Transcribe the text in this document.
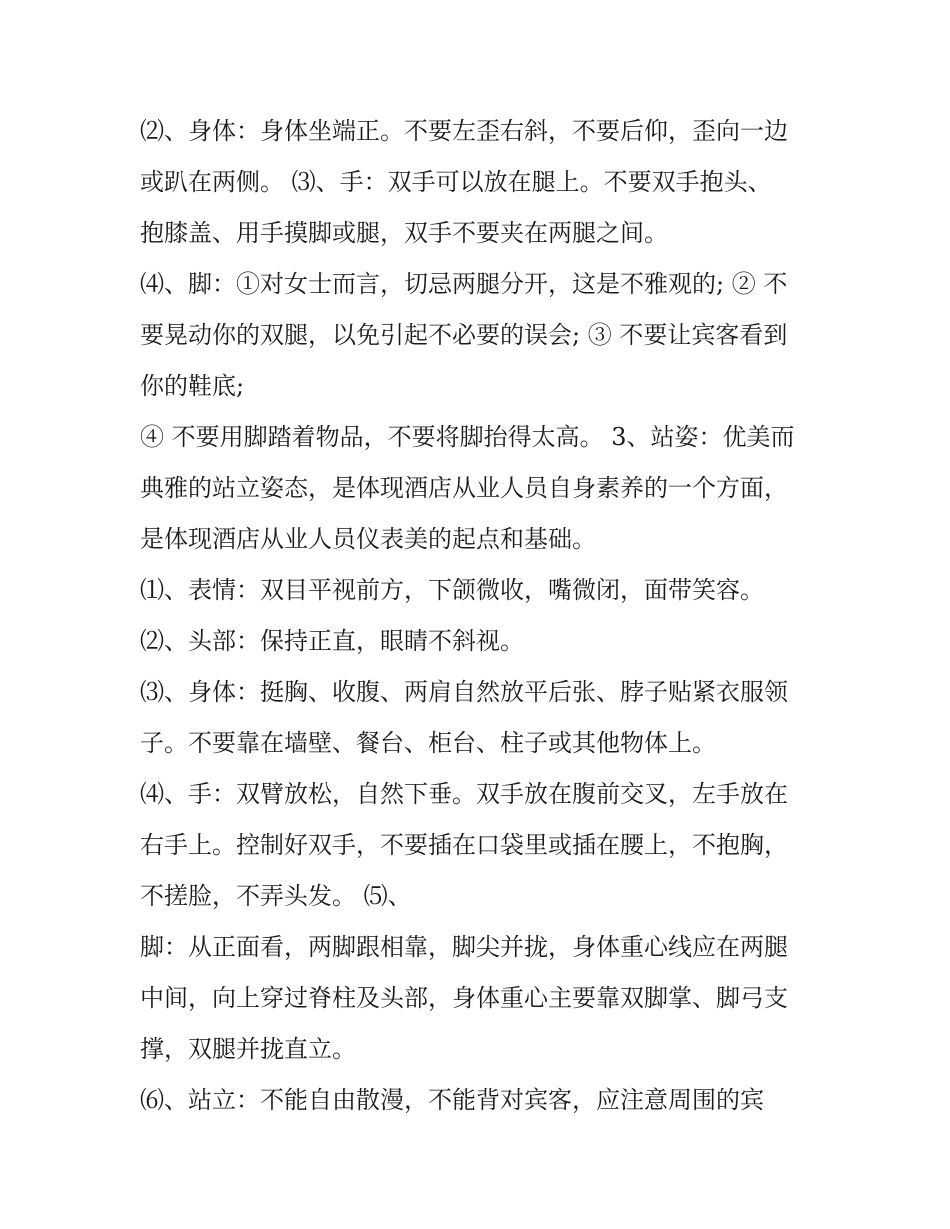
⑵、身体：身体坐端正。不要左歪右斜，不要后仰，歪向一边
或趴在两侧。 ⑶、手：双手可以放在腿上。不要双手抱头、
抱膝盖、用手摸脚或腿，双手不要夹在两腿之间。
⑷、脚：①对女士而言，切忌两腿分开，这是不雅观的; ② 不
要晃动你的双腿，以免引起不必要的误会; ③ 不要让宾客看到
你的鞋底;
④ 不要用脚踏着物品，不要将脚抬得太高。 3、站姿：优美而
典雅的站立姿态，是体现酒店从业人员自身素养的一个方面，
是体现酒店从业人员仪表美的起点和基础。
⑴、表情：双目平视前方，下颌微收，嘴微闭，面带笑容。
⑵、头部：保持正直，眼睛不斜视。
⑶、身体：挺胸、收腹、两肩自然放平后张、脖子贴紧衣服领
子。不要靠在墙壁、餐台、柜台、柱子或其他物体上。
⑷、手：双臂放松，自然下垂。双手放在腹前交叉，左手放在
右手上。控制好双手，不要插在口袋里或插在腰上，不抱胸，
不搓脸，不弄头发。 ⑸、
脚：从正面看，两脚跟相靠，脚尖并拢，身体重心线应在两腿
中间，向上穿过脊柱及头部，身体重心主要靠双脚掌、脚弓支
撑，双腿并拢直立。
⑹、站立：不能自由散漫，不能背对宾客，应注意周围的宾
